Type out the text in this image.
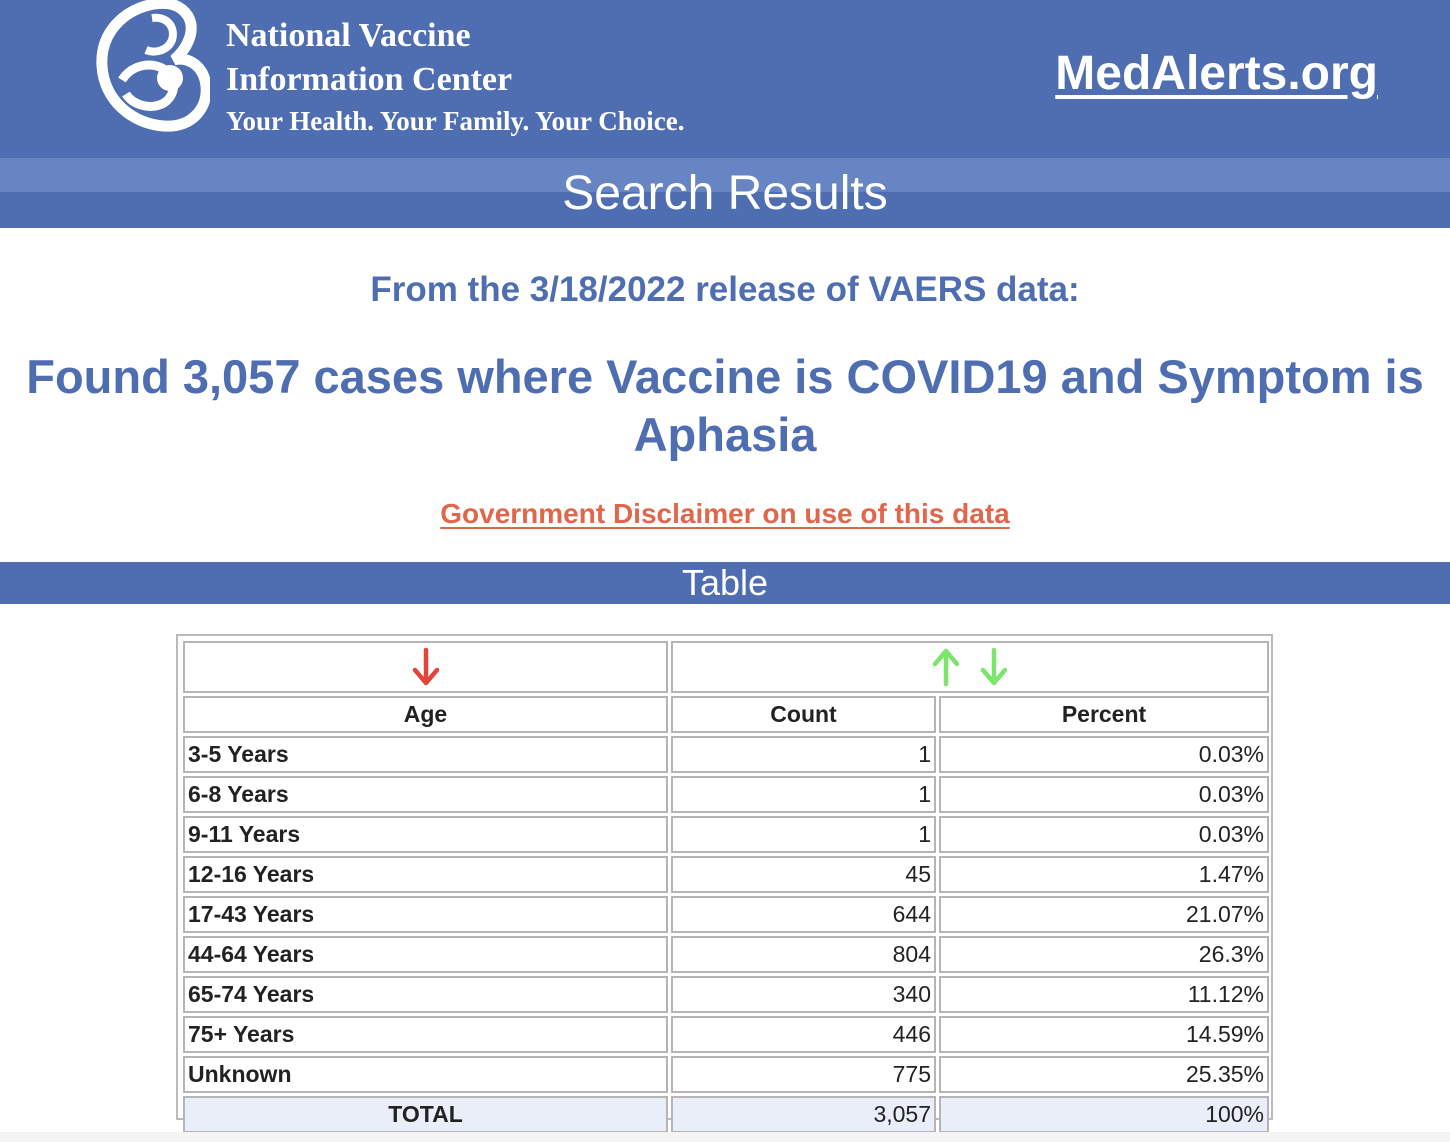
National Vaccine
Information Center
Your Health. Your Family. Your Choice.
MedAlerts.org
Search Results
From the 3/18/2022 release of VAERS data:
Found 3,057 cases where Vaccine is COVID19 and Symptom is Aphasia
Government Disclaimer on use of this data
Table

Age	Count	Percent
3-5 Years	1	0.03%
6-8 Years	1	0.03%
9-11 Years	1	0.03%
12-16 Years	45	1.47%
17-43 Years	644	21.07%
44-64 Years	804	26.3%
65-74 Years	340	11.12%
75+ Years	446	14.59%
Unknown	775	25.35%
TOTAL	3,057	100%
